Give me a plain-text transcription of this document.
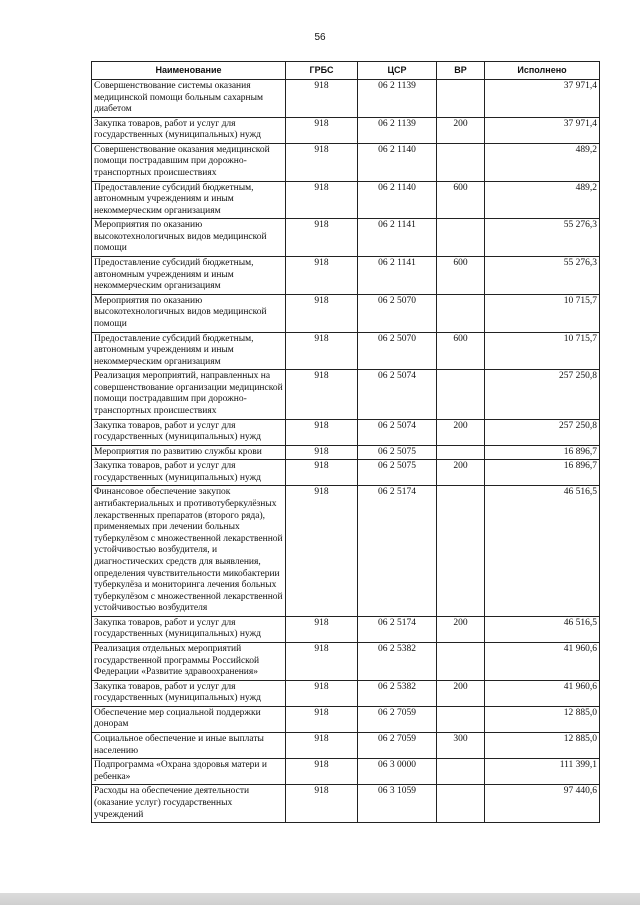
56
Наименование	ГРБС	ЦСР	ВР	Исполнено
Совершенствование системы оказания медицинской помощи больным сахарным диабетом	918	06 2 1139		37 971,4
Закупка товаров, работ и услуг для государственных (муниципальных) нужд	918	06 2 1139	200	37 971,4
Совершенствование оказания медицинской помощи пострадавшим при дорожно-транспортных происшествиях	918	06 2 1140		489,2
Предоставление субсидий бюджетным, автономным учреждениям и иным некоммерческим организациям	918	06 2 1140	600	489,2
Мероприятия по оказанию высокотехнологичных видов медицинской помощи	918	06 2 1141		55 276,3
Предоставление субсидий бюджетным, автономным учреждениям и иным некоммерческим организациям	918	06 2 1141	600	55 276,3
Мероприятия по оказанию высокотехнологичных видов медицинской помощи	918	06 2 5070		10 715,7
Предоставление субсидий бюджетным, автономным учреждениям и иным некоммерческим организациям	918	06 2 5070	600	10 715,7
Реализация мероприятий, направленных на совершенствование организации медицинской помощи пострадавшим при дорожно-транспортных происшествиях	918	06 2 5074		257 250,8
Закупка товаров, работ и услуг для государственных (муниципальных) нужд	918	06 2 5074	200	257 250,8
Мероприятия по развитию службы крови	918	06 2 5075		16 896,7
Закупка товаров, работ и услуг для государственных (муниципальных) нужд	918	06 2 5075	200	16 896,7
Финансовое обеспечение закупок антибактериальных и противотуберкулёзных лекарственных препаратов (второго ряда), применяемых при лечении больных туберкулёзом с множественной лекарственной устойчивостью возбудителя, и диагностических средств для выявления, определения чувствительности микобактерии туберкулёза и мониторинга лечения больных туберкулёзом с множественной лекарственной устойчивостью возбудителя	918	06 2 5174		46 516,5
Закупка товаров, работ и услуг для государственных (муниципальных) нужд	918	06 2 5174	200	46 516,5
Реализация отдельных мероприятий государственной программы Российской Федерации «Развитие здравоохранения»	918	06 2 5382		41 960,6
Закупка товаров, работ и услуг для государственных (муниципальных) нужд	918	06 2 5382	200	41 960,6
Обеспечение мер социальной поддержки донорам	918	06 2 7059		12 885,0
Социальное обеспечение и иные выплаты населению	918	06 2 7059	300	12 885,0
Подпрограмма «Охрана здоровья матери и ребенка»	918	06 3 0000		111 399,1
Расходы на обеспечение деятельности (оказание услуг) государственных учреждений	918	06 3 1059		97 440,6
